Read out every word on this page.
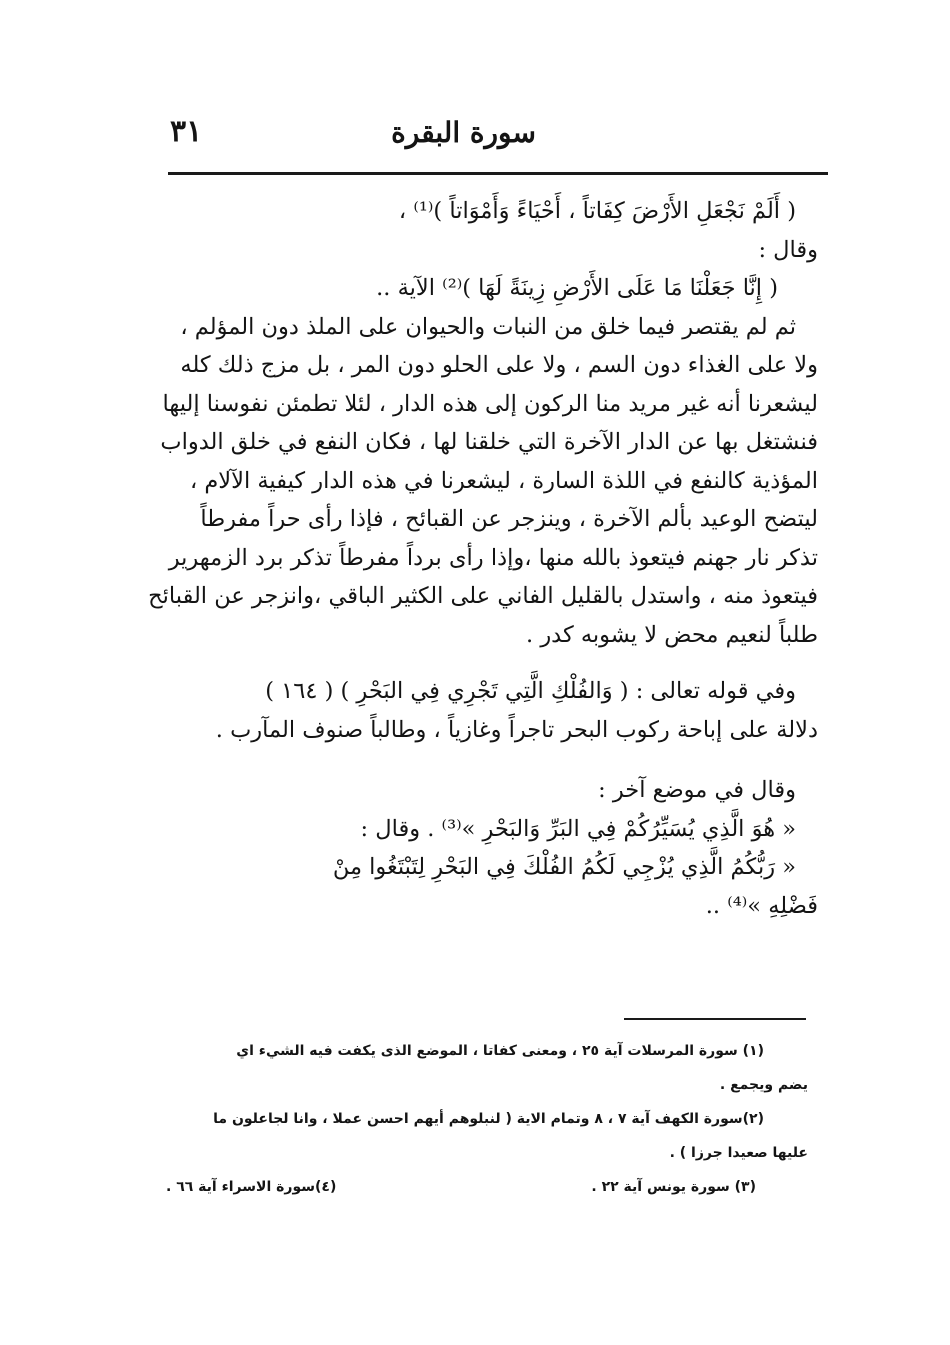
سورة البقرة
٣١
( أَلَمْ نَجْعَلِ الأَرْضَ كِفَاتاً ، أَحْيَاءً وَأَمْوَاتاً )⁽¹⁾ ،
وقال :
( إِنَّا جَعَلْنَا مَا عَلَى الأَرْضِ زِينَةً لَهَا )⁽²⁾ الآية ..
ثم لم يقتصر فيما خلق من النبات والحيوان على الملذ دون المؤلم ،
ولا على الغذاء دون السم ، ولا على الحلو دون المر ، بل مزج ذلك كله
ليشعرنا أنه غير مريد منا الركون إلى هذه الدار ، لئلا تطمئن نفوسنا إليها
فنشتغل بها عن الدار الآخرة التي خلقنا لها ، فكان النفع في خلق الدواب
المؤذية كالنفع في اللذة السارة ، ليشعرنا في هذه الدار كيفية الآلام ،
ليتضح الوعيد بألم الآخرة ، وينزجر عن القبائح ، فإذا رأى حراً مفرطاً
تذكر نار جهنم فيتعوذ بالله منها ،وإذا رأى برداً مفرطاً تذكر برد الزمهرير
فيتعوذ منه ، واستدل بالقليل الفاني على الكثير الباقي ،وانزجر عن القبائح
طلباً لنعيم محض لا يشوبه كدر .
وفي قوله تعالى : ( وَالفُلْكِ الَّتِي تَجْرِي فِي البَحْرِ ) ( ١٦٤ )
دلالة على إباحة ركوب البحر تاجراً وغازياً ، وطالباً صنوف المآرب .
وقال في موضع آخر :
« هُوَ الَّذِي يُسَيِّرُكُمْ فِي البَرِّ وَالبَحْرِ »⁽³⁾ . وقال :
« رَبُّكُمُ الَّذِي يُزْجِي لَكُمُ الفُلْكَ فِي البَحْرِ لِتَبْتَغُوا مِنْ
فَضْلِهِ »⁽⁴⁾ ..
(١) سورة المرسلات آية ٢٥ ، ومعنى كفاتا ، الموضع الذى يكفت فيه الشيء اي
يضم ويجمع .
(٢)سورة الكهف آية ٧ ، ٨ وتمام الاية ( لنبلوهم أيهم احسن عملا ، وانا لجاعلون ما
عليها صعيدا جرزا ) .
(٣) سورة يونس آية ٢٢ .
(٤)سورة الاسراء آية ٦٦ .
